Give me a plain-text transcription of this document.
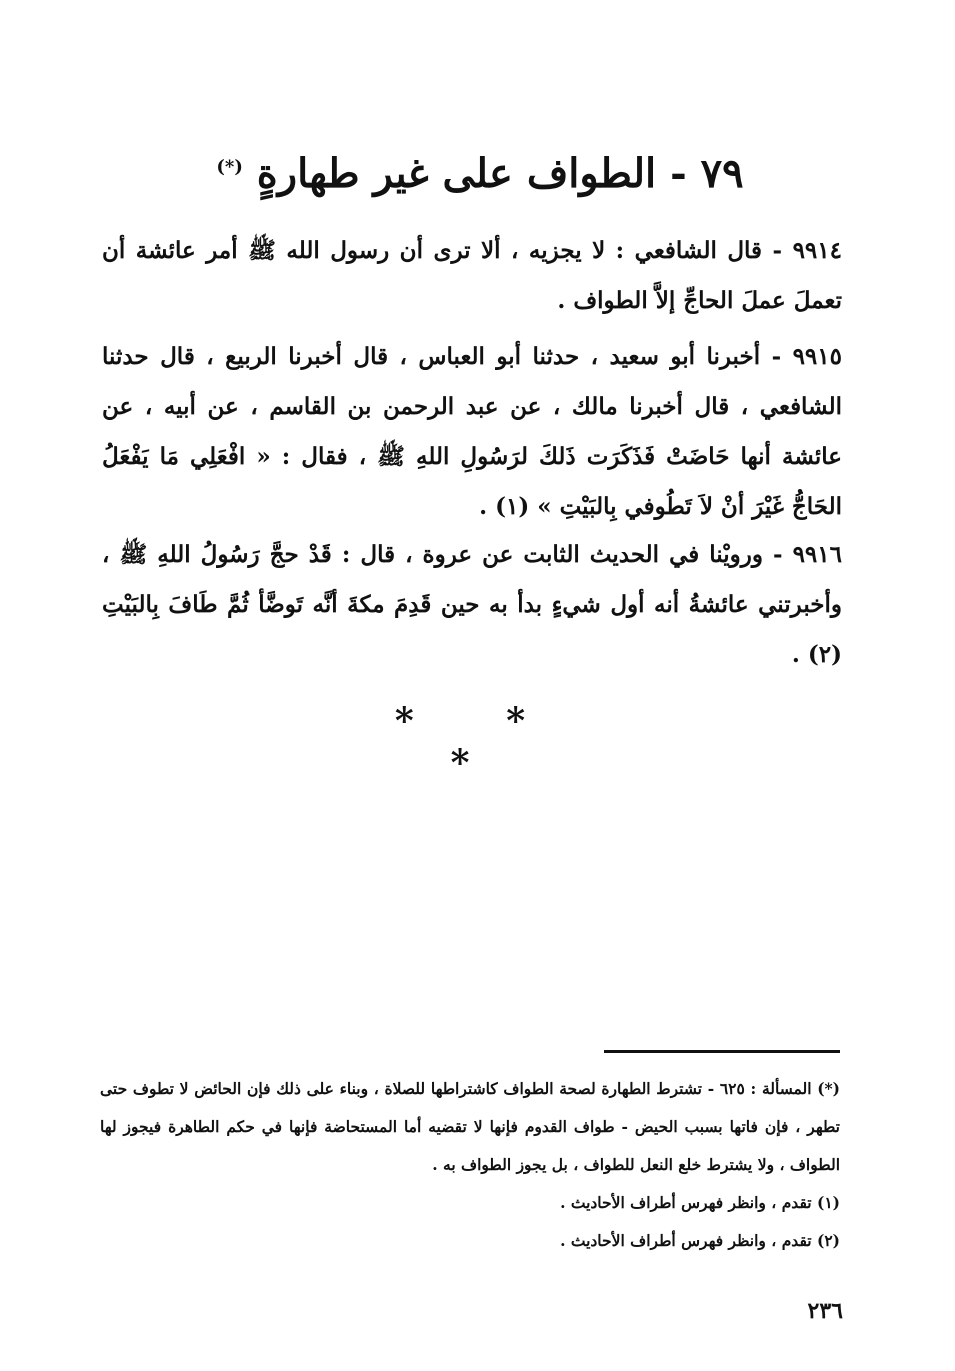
٧٩ - الطواف على غير طهارةٍ (*)
٩٩١٤ - قال الشافعي : لا يجزيه ، ألا ترى أن رسول الله ﷺ أمر عائشة أن تعملَ عملَ الحاجِّ إلاَّ الطواف .
٩٩١٥ - أخبرنا أبو سعيد ، حدثنا أبو العباس ، قال أخبرنا الربيع ، قال حدثنا الشافعي ، قال أخبرنا مالك ، عن عبد الرحمن بن القاسم ، عن أبيه ، عن عائشة أنها حَاضَتْ فَذَكَرَت ذَلكَ لرَسُولِ اللهِ ﷺ ، فقال : « افْعَلِي مَا يَفْعَلُ الحَاجُّ غَيْرَ أنْ لاَ تَطُوفي بِالبَيْتِ » (١) .
٩٩١٦ - ورويْنا في الحديث الثابت عن عروة ، قال : قَدْ حجَّ رَسُولُ اللهِ ﷺ ، وأخبرتني عائشةُ أنه أول شيءٍ بدأ به حين قَدِمَ مكةَ أنَّه تَوضَّأ ثُمَّ طَافَ بِالبَيْتِ (٢) .
* * *
(*) المسألة : ٦٢٥ - تشترط الطهارة لصحة الطواف كاشتراطها للصلاة ، وبناء على ذلك فإن الحائض لا تطوف حتى تطهر ، فإن فاتها بسبب الحيض - طواف القدوم فإنها لا تقضيه أما المستحاضة فإنها في حكم الطاهرة فيجوز لها الطواف ، ولا يشترط خلع النعل للطواف ، بل يجوز الطواف به .
(١) تقدم ، وانظر فهرس أطراف الأحاديث .
(٢) تقدم ، وانظر فهرس أطراف الأحاديث .
٢٣٦
